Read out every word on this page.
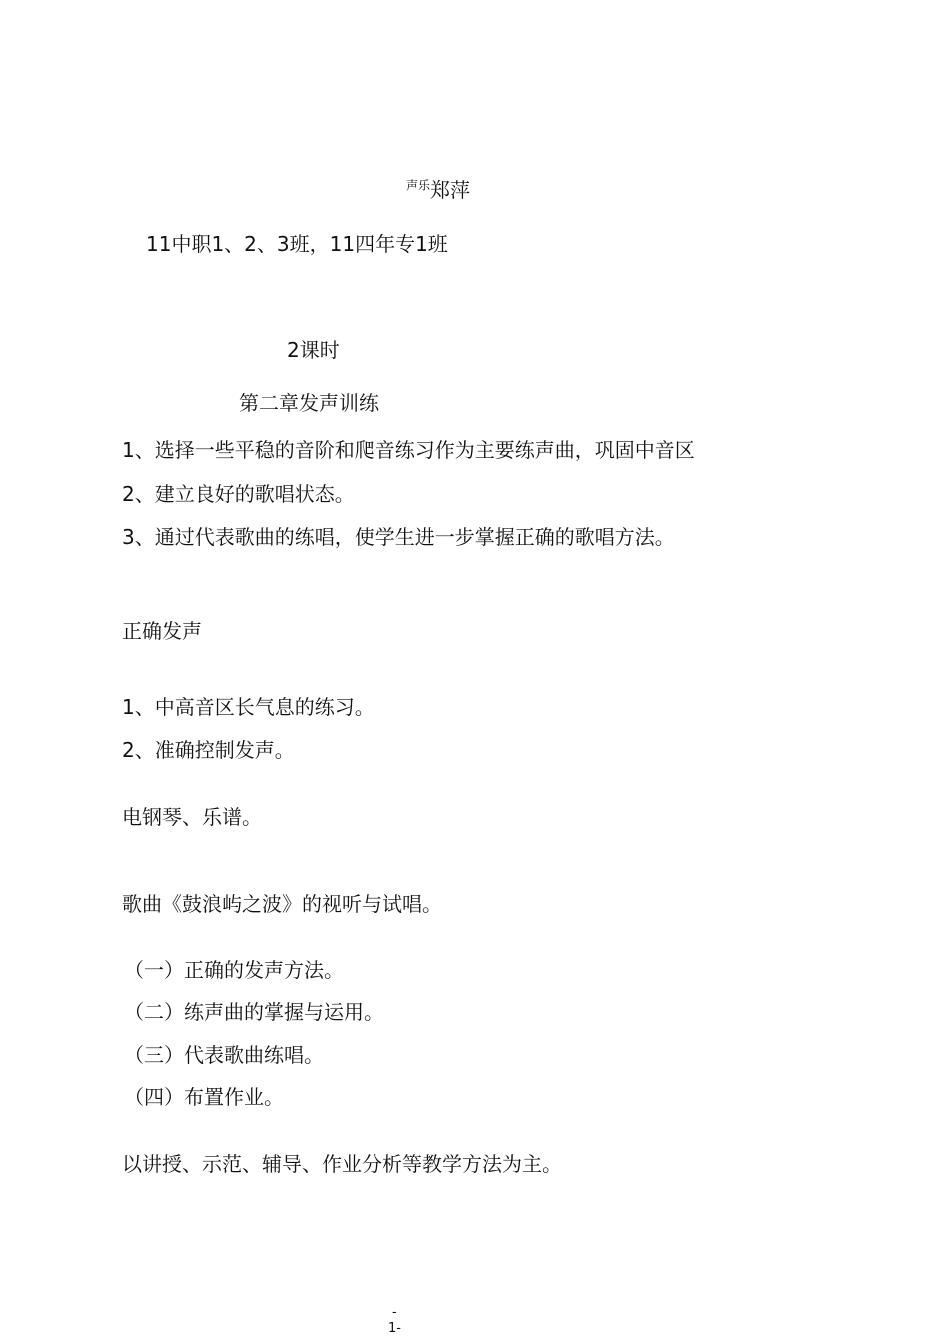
$^{声乐}$郑萍
11中职1、2、3班，11四年专1班
2课时
第二章发声训练
1、选择一些平稳的音阶和爬音练习作为主要练声曲，巩固中音区
2、建立良好的歌唱状态。
3、通过代表歌曲的练唱，使学生进一步掌握正确的歌唱方法。
正确发声
1、中高音区长气息的练习。
2、准确控制发声。
电钢琴、乐谱。
歌曲《鼓浪屿之波》的视听与试唱。
（一）正确的发声方法。
（二）练声曲的掌握与运用。
（三）代表歌曲练唱。
（四）布置作业。
以讲授、示范、辅导、作业分析等教学方法为主。
-
1-
